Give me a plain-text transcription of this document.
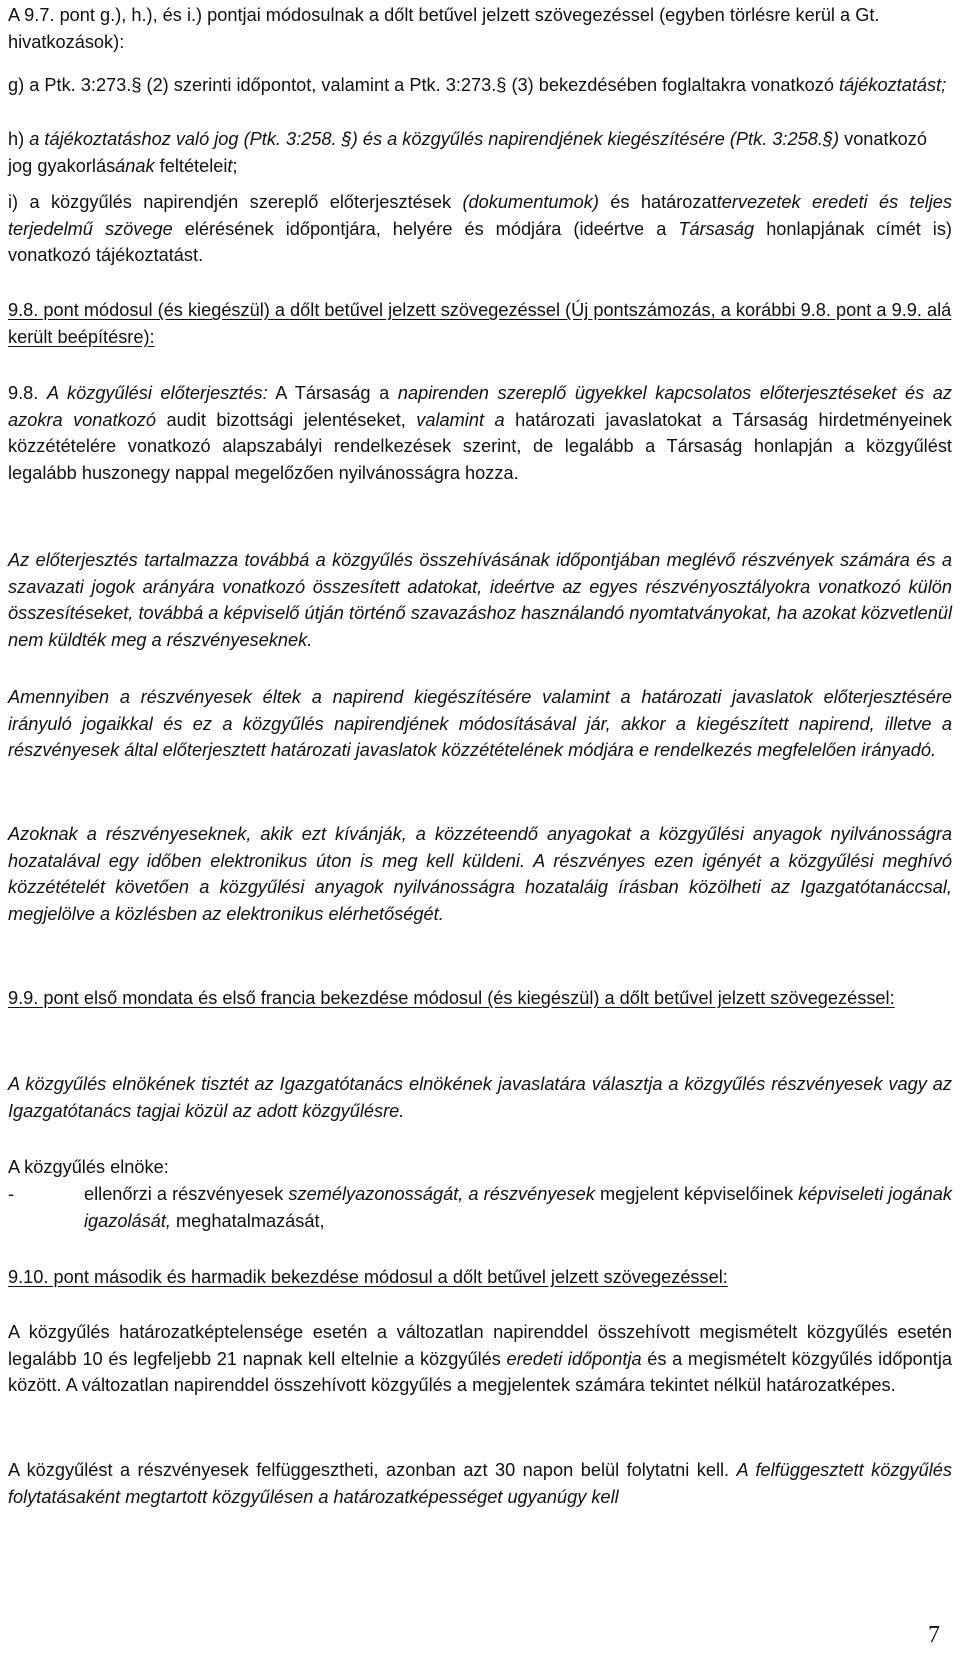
A 9.7. pont g.), h.), és i.) pontjai módosulnak a dőlt betűvel jelzett szövegezéssel (egyben törlésre kerül a Gt. hivatkozások):

g) a Ptk. 3:273.§ (2) szerinti időpontot, valamint a Ptk. 3:273.§ (3) bekezdésében foglaltakra vonatkozó tájékoztatást;

h) a tájékoztatáshoz való jog (Ptk. 3:258. §) és a közgyűlés napirendjének kiegészítésére (Ptk. 3:258.§) vonatkozó jog gyakorlásának feltételeit;

i) a közgyűlés napirendjén szereplő előterjesztések (dokumentumok) és határozattervezetek eredeti és teljes terjedelmű szövege elérésének időpontjára, helyére és módjára (ideértve a Társaság honlapjának címét is) vonatkozó tájékoztatást.

9.8. pont módosul (és kiegészül) a dőlt betűvel jelzett szövegezéssel (Új pontszámozás, a korábbi 9.8. pont a 9.9. alá került beépítésre):

9.8. A közgyűlési előterjesztés: A Társaság a napirenden szereplő ügyekkel kapcsolatos előterjesztéseket és az azokra vonatkozó audit bizottsági jelentéseket, valamint a határozati javaslatokat a Társaság hirdetményeinek közzétételére vonatkozó alapszabályi rendelkezések szerint, de legalább a Társaság honlapján a közgyűlést legalább huszonegy nappal megelőzően nyilvánosságra hozza.

Az előterjesztés tartalmazza továbbá a közgyűlés összehívásának időpontjában meglévő részvények számára és a szavazati jogok arányára vonatkozó összesített adatokat, ideértve az egyes részvényosztályokra vonatkozó külön összesítéseket, továbbá a képviselő útján történő szavazáshoz használandó nyomtatványokat, ha azokat közvetlenül nem küldték meg a részvényeseknek.

Amennyiben a részvényesek éltek a napirend kiegészítésére valamint a határozati javaslatok előterjesztésére irányuló jogaikkal és ez a közgyűlés napirendjének módosításával jár, akkor a kiegészített napirend, illetve a részvényesek által előterjesztett határozati javaslatok közzétételének módjára e rendelkezés megfelelően irányadó.

Azoknak a részvényeseknek, akik ezt kívánják, a közzéteendő anyagokat a közgyűlési anyagok nyilvánosságra hozatalával egy időben elektronikus úton is meg kell küldeni. A részvényes ezen igényét a közgyűlési meghívó közzétételét követően a közgyűlési anyagok nyilvánosságra hozataláig írásban közölheti az Igazgatótanáccsal, megjelölve a közlésben az elektronikus elérhetőségét.

9.9. pont első mondata és első francia bekezdése módosul (és kiegészül) a dőlt betűvel jelzett szövegezéssel:

A közgyűlés elnökének tisztét az Igazgatótanács elnökének javaslatára választja a közgyűlés részvényesek vagy az Igazgatótanács tagjai közül az adott közgyűlésre.

A közgyűlés elnöke:

-	ellenőrzi a részvényesek személyazonosságát, a részvényesek megjelent képviselőinek képviseleti jogának igazolását, meghatalmazását,

9.10. pont második és harmadik bekezdése módosul a dőlt betűvel jelzett szövegezéssel:

A közgyűlés határozatképtelensége esetén a változatlan napirenddel összehívott megismételt közgyűlés esetén legalább 10 és legfeljebb 21 napnak kell eltelnie a közgyűlés eredeti időpontja és a megismételt közgyűlés időpontja között. A változatlan napirenddel összehívott közgyűlés a megjelentek számára tekintet nélkül határozatképes.

A közgyűlést a részvényesek felfüggesztheti, azonban azt 30 napon belül folytatni kell. A felfüggesztett közgyűlés folytatásaként megtartott közgyűlésen a határozatképességet ugyanúgy kell

7
